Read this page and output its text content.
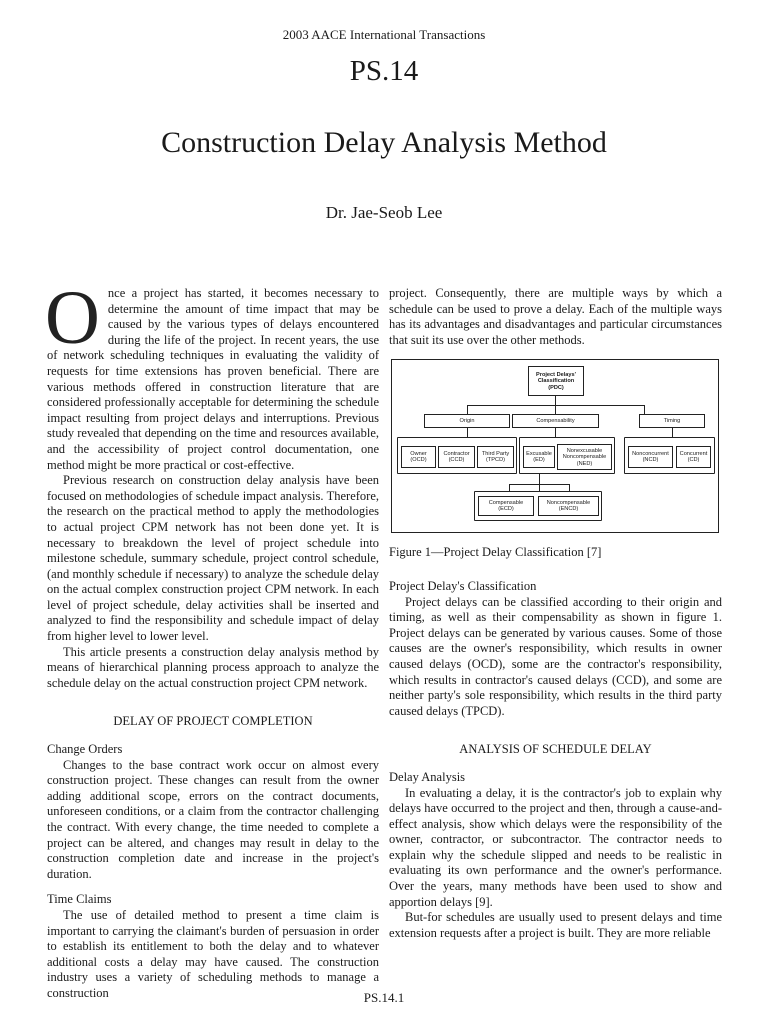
2003 AACE International Transactions
PS.14
Construction Delay Analysis Method
Dr. Jae-Seob Lee

Once a project has started, it becomes necessary to determine the amount of time impact that may be caused by the various types of delays encountered during the life of the project. In recent years, the use of network scheduling techniques in evaluating the validity of requests for time extensions has proven beneficial. There are various methods offered in construction literature that are considered professionally acceptable for determining the schedule impact resulting from project delays and interruptions. Previous study revealed that depending on the time and resources available, and the accessibility of project control documentation, one method might be more practical or cost-effective.

Previous research on construction delay analysis have been focused on methodologies of schedule impact analysis. Therefore, the research on the practical method to apply the methodologies to actual project CPM network has not been done yet. It is necessary to breakdown the level of project schedule into milestone schedule, summary schedule, project control schedule, (and monthly schedule if necessary) to analyze the schedule delay on the actual complex construction project CPM network. In each level of project schedule, delay activities shall be inserted and analyzed to find the responsibility and schedule impact of delay from higher level to lower level.

This article presents a construction delay analysis method by means of hierarchical planning process approach to analyze the schedule delay on the actual construction project CPM network.

DELAY OF PROJECT COMPLETION

Change Orders

Changes to the base contract work occur on almost every construction project. These changes can result from the owner adding additional scope, errors on the contract documents, unforeseen conditions, or a claim from the contractor challenging the contract. With every change, the time needed to complete a project can be altered, and changes may result in delay to the construction completion date and increase in the project's duration.

Time Claims

The use of detailed method to present a time claim is important to carrying the claimant's burden of persuasion in order to establish its entitlement to both the delay and to whatever additional costs a delay may have caused. The construction industry uses a variety of scheduling methods to manage a construction

project. Consequently, there are multiple ways by which a schedule can be used to prove a delay. Each of the multiple ways has its advantages and disadvantages and particular circumstances that suit its use over the other methods.

Project Delays'
Classification
(PDC)
Origin	Compensability	Timing
Owner
(OCD)
Contractor
(CCD)
Third Party
(TPCD)
Excusable
(ED)
Nonexcusable
Noncompensable
(NED)
Nonconcurrent
(NCD)
Concurrent
(CD)
Compensable
(ECD)
Noncompensable
(ENCD)

Figure 1—Project Delay Classification [7]

Project Delay's Classification

Project delays can be classified according to their origin and timing, as well as their compensability as shown in figure 1. Project delays can be generated by various causes. Some of those causes are the owner's responsibility, which results in owner caused delays (OCD), some are the contractor's responsibility, which results in contractor's caused delays (CCD), and some are neither party's sole responsibility, which results in the third party caused delays (TPCD).

ANALYSIS OF SCHEDULE DELAY

Delay Analysis

In evaluating a delay, it is the contractor's job to explain why delays have occurred to the project and then, through a cause-and-effect analysis, show which delays were the responsibility of the owner, contractor, or subcontractor. The contractor needs to explain why the schedule slipped and needs to be realistic in evaluating its own performance and the owner's performance. Over the years, many methods have been used to show and apportion delays [9].

But-for schedules are usually used to present delays and time extension requests after a project is built. They are more reliable

PS.14.1
